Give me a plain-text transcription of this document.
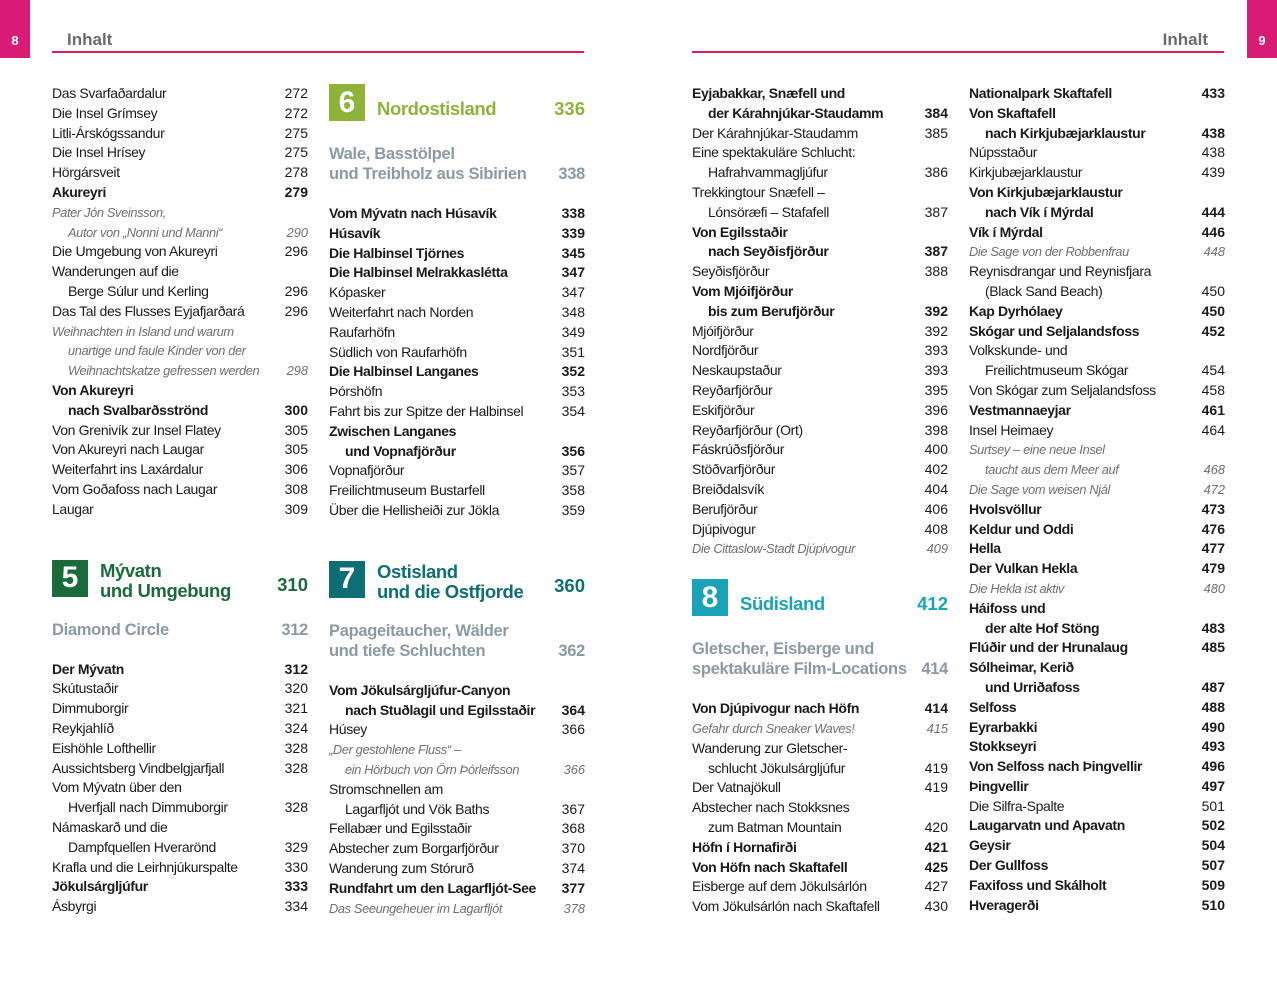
8	9
Inhalt	Inhalt
Das Svarfaðardalur	272
Die Insel Grímsey	272
Litli-Árskógssandur	275
Die Insel Hrísey	275
Hörgársveit	278
Akureyri	279
Pater Jón Sveinsson,
Autor von „Nonni und Manni“	290
Die Umgebung von Akureyri	296
Wanderungen auf die
Berge Súlur und Kerling	296
Das Tal des Flusses Eyjafjarðará	296
Weihnachten in Island und warum
unartige und faule Kinder von der
Weihnachtskatze gefressen werden	298
Von Akureyri
nach Svalbarðsströnd	300
Von Grenivík zur Insel Flatey	305
Von Akureyri nach Laugar	305
Weiterfahrt ins Laxárdalur	306
Vom Goðafoss nach Laugar	308
Laugar	309
5	Mývatn
und Umgebung	310
Diamond Circle	312
Der Mývatn	312
Skútustaðir	320
Dimmuborgir	321
Reykjahlíð	324
Eishöhle Lofthellir	328
Aussichtsberg Vindbelgjarfjall	328
Vom Mývatn über den
Hverfjall nach Dimmuborgir	328
Námaskarð und die
Dampfquellen Hverarönd	329
Krafla und die Leirhnjúkurspalte	330
Jökulsárgljúfur	333
Ásbyrgi	334
6	Nordostisland	336
Wale, Basstölpel
und Treibholz aus Sibirien	338
Vom Mývatn nach Húsavík	338
Húsavík	339
Die Halbinsel Tjörnes	345
Die Halbinsel Melrakkaslétta	347
Kópasker	347
Weiterfahrt nach Norden	348
Raufarhöfn	349
Südlich von Raufarhöfn	351
Die Halbinsel Langanes	352
Þórshöfn	353
Fahrt bis zur Spitze der Halbinsel	354
Zwischen Langanes
und Vopnafjörður	356
Vopnafjörður	357
Freilichtmuseum Bustarfell	358
Über die Hellisheiði zur Jökla	359
7	Ostisland
und die Ostfjorde 360
Papageitaucher, Wälder
und tiefe Schluchten	362
Vom Jökulsárgljúfur-Canyon
nach Stuðlagil und Egilsstaðir	364
Húsey	366
„Der gestohlene Fluss“ –
ein Hörbuch von Örn Þórleifsson	366
Stromschnellen am
Lagarfljót und Vök Baths	367
Fellabær und Egilsstaðir	368
Abstecher zum Borgarfjörður	370
Wanderung zum Stórurð	374
Rundfahrt um den Lagarfljót-See	377
Das Seeungeheuer im Lagarfljót	378
Eyjabakkar, Snæfell und
der Kárahnjúkar-Staudamm	384
Der Kárahnjúkar-Staudamm	385
Eine spektakuläre Schlucht:
Hafrahvammagljúfur	386
Trekkingtour Snæfell –
Lónsöræfi – Stafafell	387
Von Egilsstaðir
nach Seyðisfjörður	387
Seyðisfjörður	388
Vom Mjóifjörður
bis zum Berufjörður	392
Mjóifjörður	392
Nordfjörður	393
Neskaupstaður	393
Reyðarfjörður	395
Eskifjörður	396
Reyðarfjörður (Ort)	398
Fáskrúðsfjörður	400
Stöðvarfjörður	402
Breiðdalsvík	404
Berufjörður	406
Djúpivogur	408
Die Cittaslow-Stadt Djúpivogur	409
8	Südisland	412
Gletscher, Eisberge und
spektakuläre Film-Locations 414
Von Djúpivogur nach Höfn	414
Gefahr durch Sneaker Waves!	415
Wanderung zur Gletscher-
schlucht Jökulsárgljúfur	419
Der Vatnajökull	419
Abstecher nach Stokksnes
zum Batman Mountain	420
Höfn í Hornafirði	421
Von Höfn nach Skaftafell	425
Eisberge auf dem Jökulsárlón	427
Vom Jökulsárlón nach Skaftafell	430
Nationalpark Skaftafell	433
Von Skaftafell
nach Kirkjubæjarklaustur	438
Núpsstaður	438
Kirkjubæjarklaustur	439
Von Kirkjubæjarklaustur
nach Vík í Mýrdal	444
Vík í Mýrdal	446
Die Sage von der Robbenfrau	448
Reynisdrangar und Reynisfjara
(Black Sand Beach)	450
Kap Dyrhólaey	450
Skógar und Seljalandsfoss	452
Volkskunde- und
Freilichtmuseum Skógar	454
Von Skógar zum Seljalandsfoss	458
Vestmannaeyjar	461
Insel Heimaey	464
Surtsey – eine neue Insel
taucht aus dem Meer auf	468
Die Sage vom weisen Njál	472
Hvolsvöllur	473
Keldur und Oddi	476
Hella	477
Der Vulkan Hekla	479
Die Hekla ist aktiv	480
Háifoss und
der alte Hof Stöng	483
Flúðir und der Hrunalaug	485
Sólheimar, Kerið
und Urriðafoss	487
Selfoss	488
Eyrarbakki	490
Stokkseyri	493
Von Selfoss nach Þingvellir	496
Þingvellir	497
Die Silfra-Spalte	501
Laugarvatn und Apavatn	502
Geysir	504
Der Gullfoss	507
Faxifoss und Skálholt	509
Hveragerði	510
